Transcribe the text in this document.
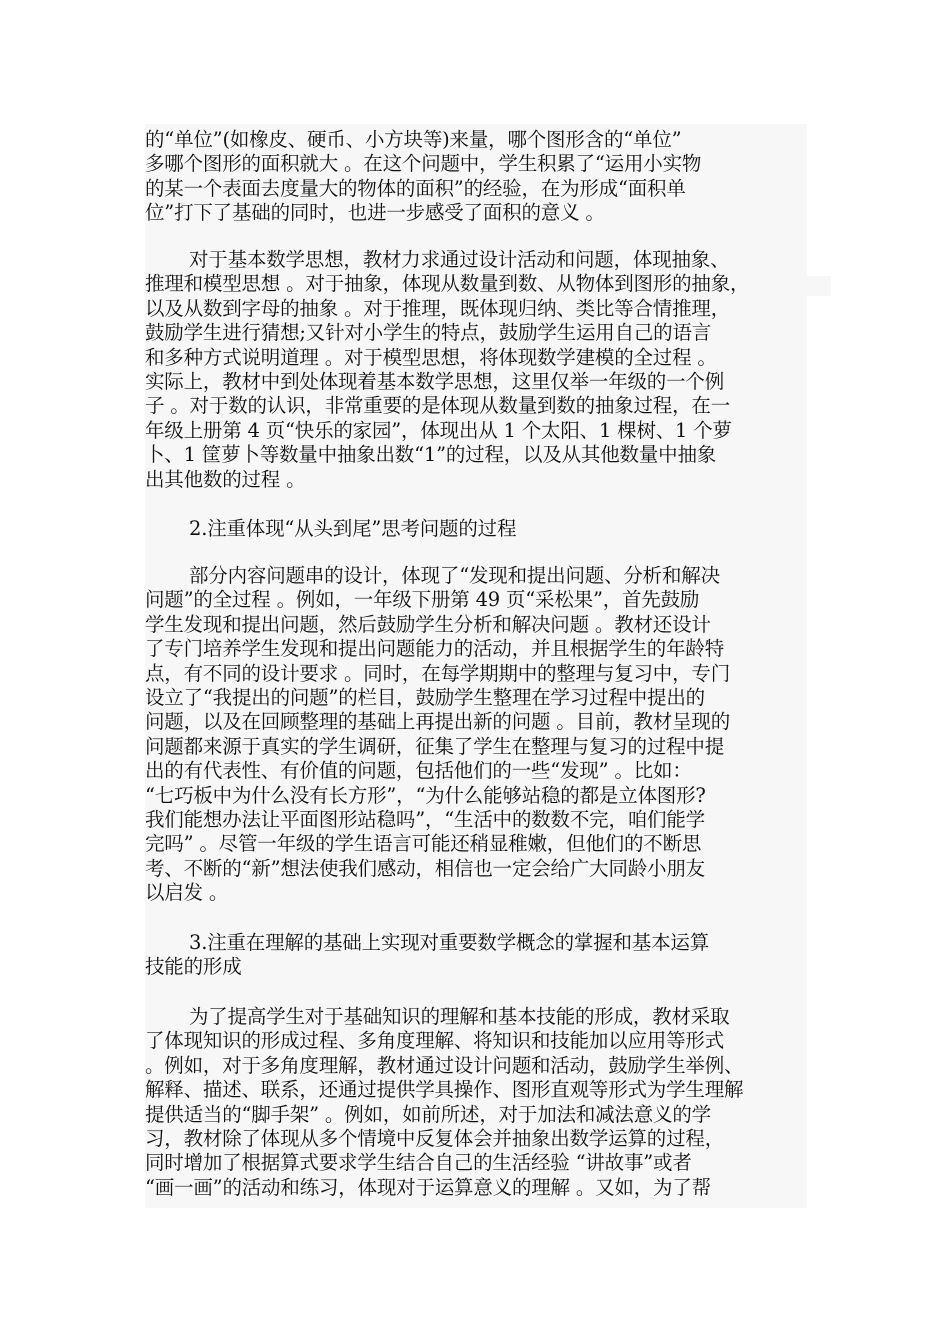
的“单位”(如橡皮、硬币、小方块等)来量，哪个图形含的“单位”
多哪个图形的面积就大 。在这个问题中，学生积累了“运用小实物
的某一个表面去度量大的物体的面积”的经验，在为形成“面积单
位”打下了基础的同时，也进一步感受了面积的意义 。
对于基本数学思想，教材力求通过设计活动和问题，体现抽象、
推理和模型思想 。对于抽象，体现从数量到数、从物体到图形的抽象，
以及从数到字母的抽象 。对于推理，既体现归纳、类比等合情推理，
鼓励学生进行猜想;又针对小学生的特点，鼓励学生运用自己的语言
和多种方式说明道理 。对于模型思想，将体现数学建模的全过程 。
实际上，教材中到处体现着基本数学思想，这里仅举一年级的一个例
子 。对于数的认识，非常重要的是体现从数量到数的抽象过程，在一
年级上册第 4 页“快乐的家园”，体现出从 1 个太阳、1 棵树、1 个萝
卜、1 筐萝卜等数量中抽象出数“1”的过程，以及从其他数量中抽象
出其他数的过程 。
2.注重体现“从头到尾”思考问题的过程
部分内容问题串的设计，体现了“发现和提出问题、分析和解决
问题”的全过程 。例如，一年级下册第 49 页“采松果”，首先鼓励
学生发现和提出问题，然后鼓励学生分析和解决问题 。教材还设计
了专门培养学生发现和提出问题能力的活动，并且根据学生的年龄特
点，有不同的设计要求 。同时，在每学期期中的整理与复习中，专门
设立了“我提出的问题”的栏目，鼓励学生整理在学习过程中提出的
问题，以及在回顾整理的基础上再提出新的问题 。目前，教材呈现的
问题都来源于真实的学生调研，征集了学生在整理与复习的过程中提
出的有代表性、有价值的问题，包括他们的一些“发现” 。比如：
“七巧板中为什么没有长方形”，“为什么能够站稳的都是立体图形?
我们能想办法让平面图形站稳吗”，“生活中的数数不完，咱们能学
完吗” 。尽管一年级的学生语言可能还稍显稚嫩，但他们的不断思
考、不断的“新”想法使我们感动，相信也一定会给广大同龄小朋友
以启发 。
3.注重在理解的基础上实现对重要数学概念的掌握和基本运算
技能的形成
为了提高学生对于基础知识的理解和基本技能的形成，教材采取
了体现知识的形成过程、多角度理解、将知识和技能加以应用等形式
。例如，对于多角度理解，教材通过设计问题和活动，鼓励学生举例、
解释、描述、联系，还通过提供学具操作、图形直观等形式为学生理解
提供适当的“脚手架” 。例如，如前所述，对于加法和减法意义的学
习，教材除了体现从多个情境中反复体会并抽象出数学运算的过程，
同时增加了根据算式要求学生结合自己的生活经验 “讲故事”或者
“画一画”的活动和练习，体现对于运算意义的理解 。又如，为了帮
